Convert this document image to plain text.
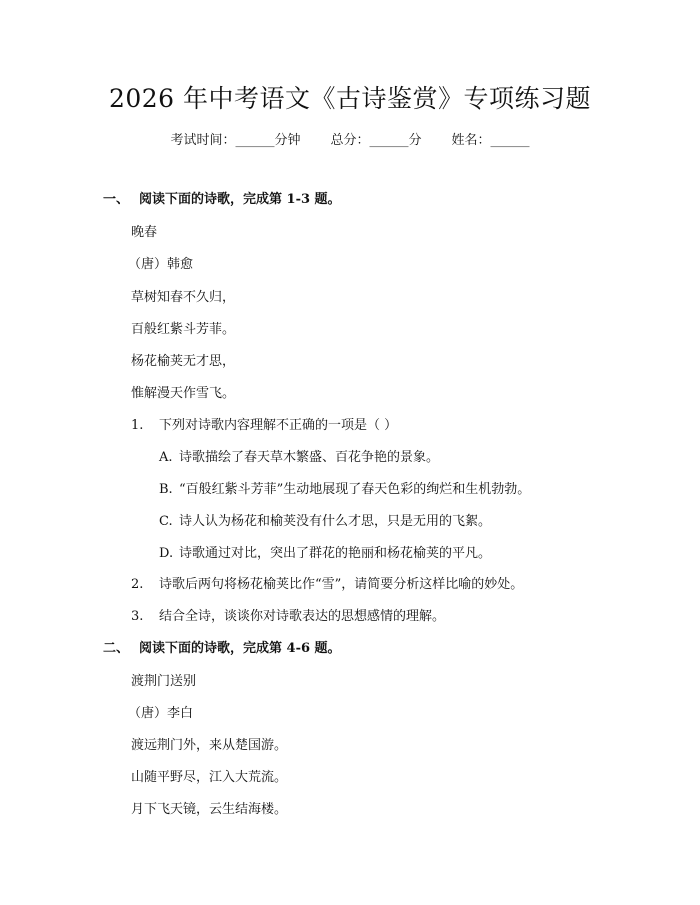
2026 年中考语文《古诗鉴赏》专项练习题
考试时间：______分钟 总分：______分 姓名：______
一、 阅读下面的诗歌，完成第 1-3 题。
晚春
（唐）韩愈
草树知春不久归，
百般红紫斗芳菲。
杨花榆荚无才思，
惟解漫天作雪飞。
1. 下列对诗歌内容理解不正确的一项是（ ）
A. 诗歌描绘了春天草木繁盛、百花争艳的景象。
B. “百般红紫斗芳菲”生动地展现了春天色彩的绚烂和生机勃勃。
C. 诗人认为杨花和榆荚没有什么才思，只是无用的飞絮。
D. 诗歌通过对比，突出了群花的艳丽和杨花榆荚的平凡。
2. 诗歌后两句将杨花榆荚比作“雪”，请简要分析这样比喻的妙处。
3. 结合全诗，谈谈你对诗歌表达的思想感情的理解。
二、 阅读下面的诗歌，完成第 4-6 题。
渡荆门送别
（唐）李白
渡远荆门外，来从楚国游。
山随平野尽，江入大荒流。
月下飞天镜，云生结海楼。
